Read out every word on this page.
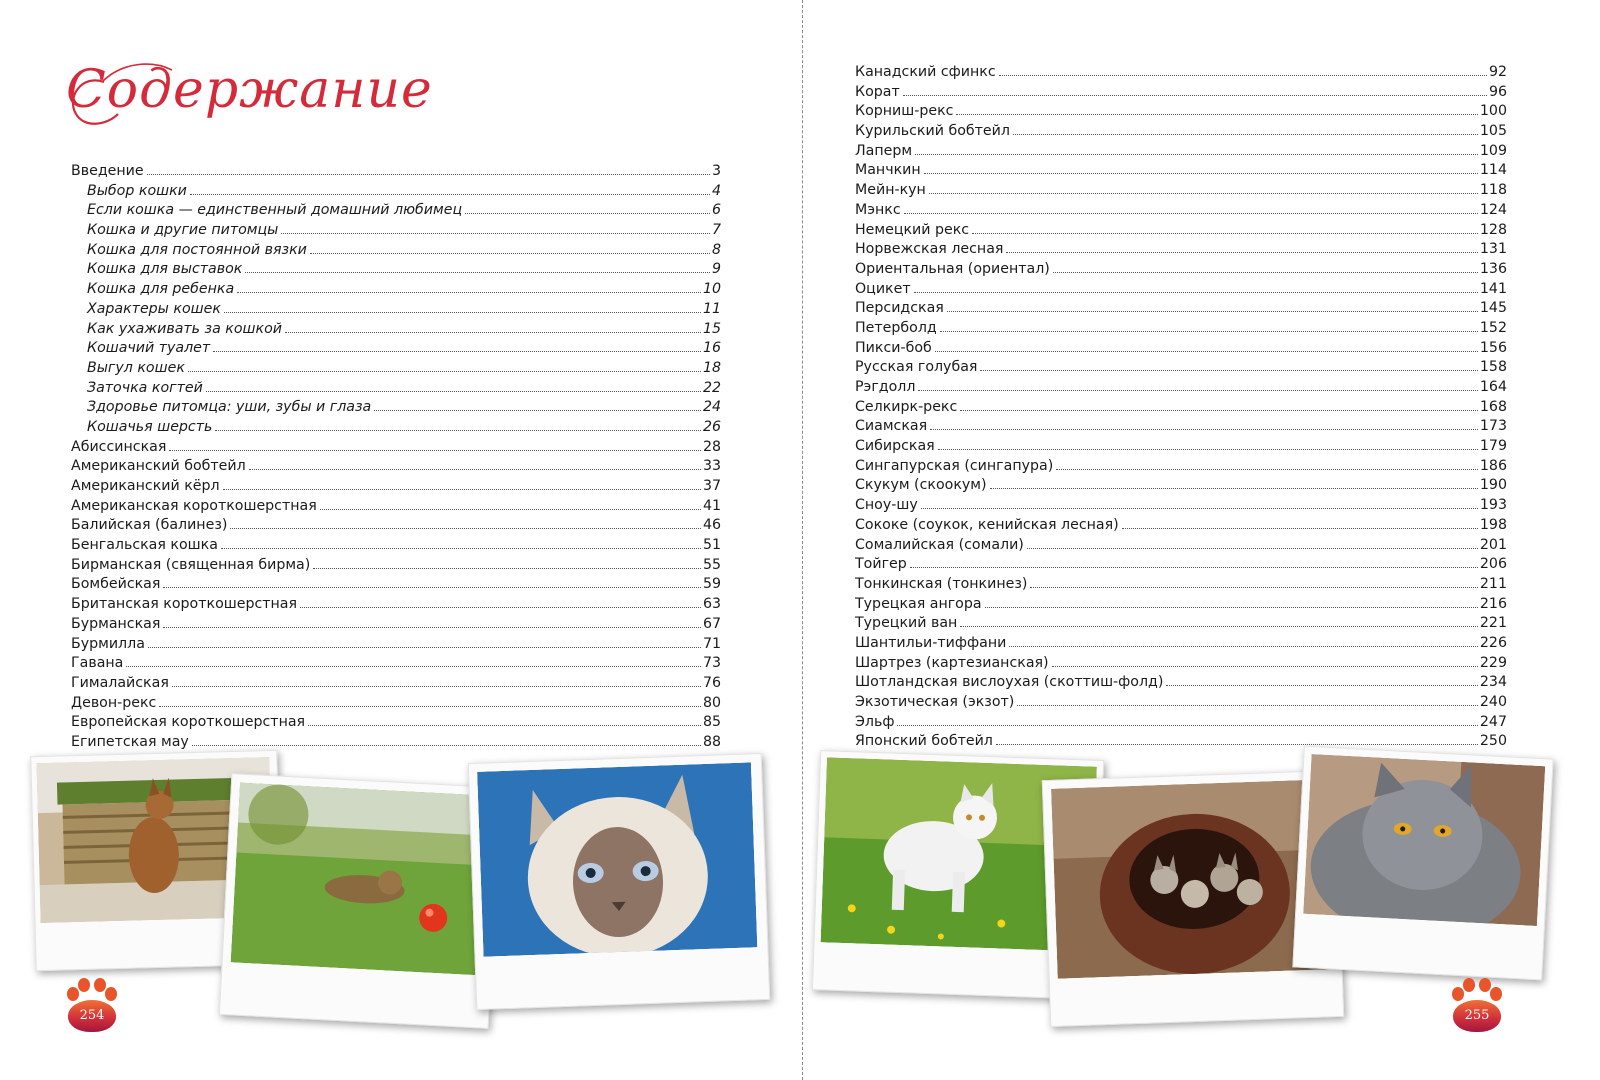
Содержание
Введение	3
Выбор кошки	4
Если кошка — единственный домашний любимец	6
Кошка и другие питомцы	7
Кошка для постоянной вязки	8
Кошка для выставок	9
Кошка для ребенка	10
Характеры кошек	11
Как ухаживать за кошкой	15
Кошачий туалет	16
Выгул кошек	18
Заточка когтей	22
Здоровье питомца: уши, зубы и глаза	24
Кошачья шерсть	26
Абиссинская	28
Американский бобтейл	33
Американский кёрл	37
Американская короткошерстная	41
Балийская (балинез)	46
Бенгальская кошка	51
Бирманская (священная бирма)	55
Бомбейская	59
Британская короткошерстная	63
Бурманская	67
Бурмилла	71
Гавана	73
Гималайская	76
Девон-рекс	80
Европейская короткошерстная	85
Египетская мау	88
254
Канадский сфинкс	92
Корат	96
Корниш-рекс	100
Курильский бобтейл	105
Лаперм	109
Манчкин	114
Мейн-кун	118
Мэнкс	124
Немецкий рекс	128
Норвежская лесная	131
Ориентальная (ориентал)	136
Оцикет	141
Персидская	145
Петерболд	152
Пикси-боб	156
Русская голубая	158
Рэгдолл	164
Селкирк-рекс	168
Сиамская	173
Сибирская	179
Сингапурская (сингапура)	186
Скукум (скоокум)	190
Сноу-шу	193
Сококе (соукок, кенийская лесная)	198
Сомалийская (сомали)	201
Тойгер	206
Тонкинская (тонкинез)	211
Турецкая ангора	216
Турецкий ван	221
Шантильи-тиффани	226
Шартрез (картезианская)	229
Шотландская вислоухая (скоттиш-фолд)	234
Экзотическая (экзот)	240
Эльф	247
Японский бобтейл	250
255
